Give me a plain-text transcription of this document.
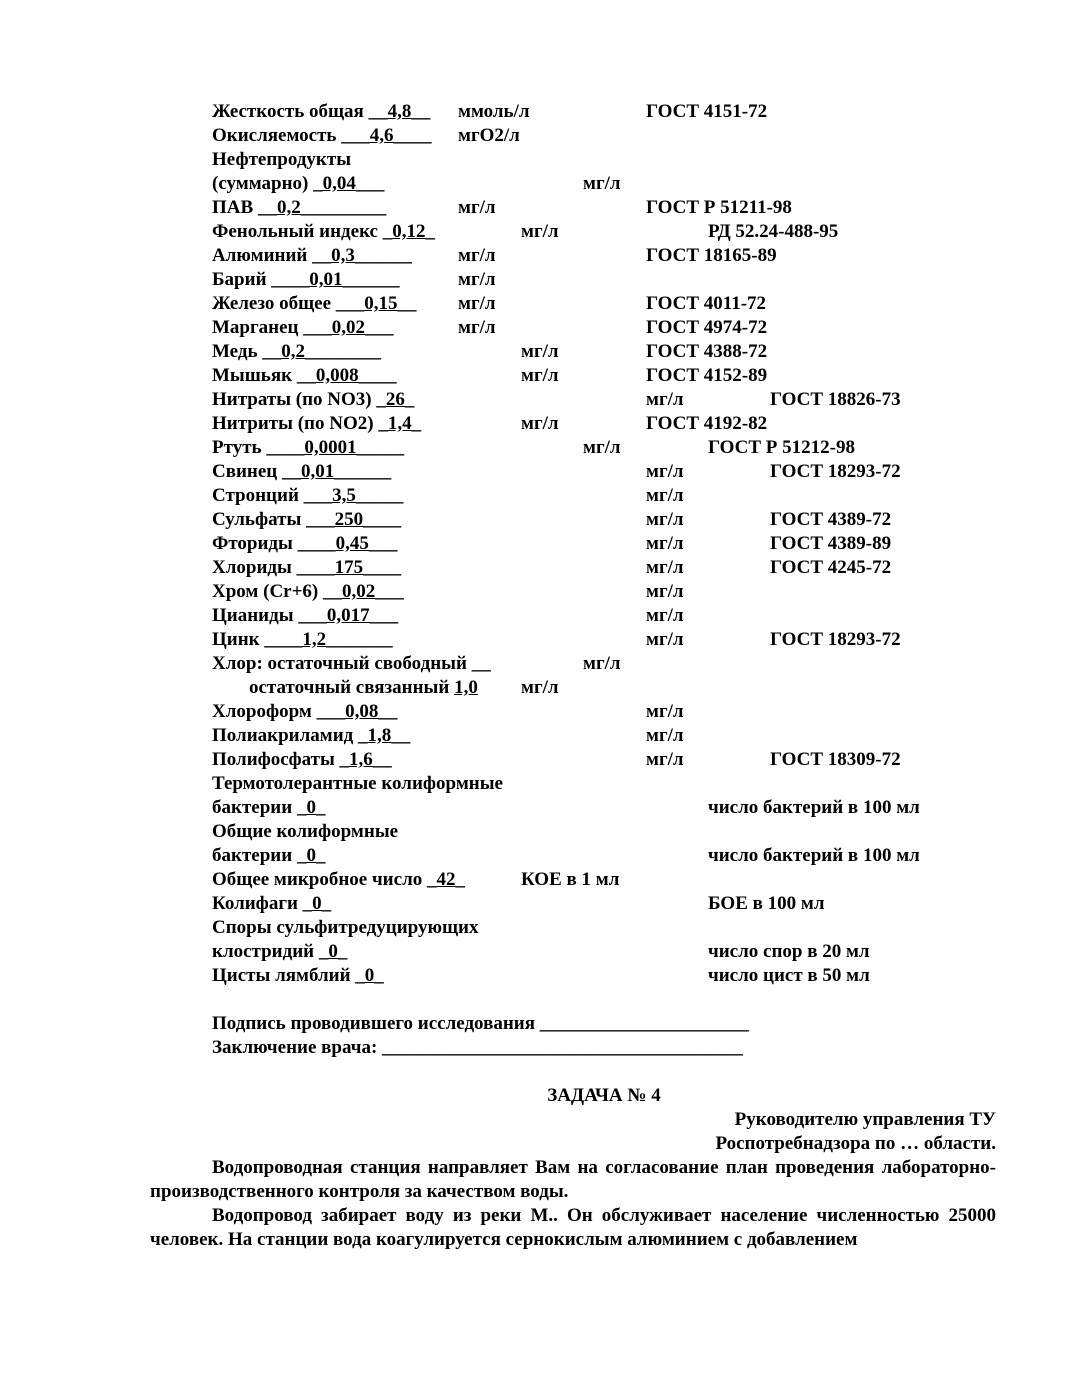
Жесткость общая __4,8__ ммоль/л	ГОСТ 4151-72
Окисляемость ___4,6____ мгО2/л
Нефтепродукты
(суммарно) _0,04___	мг/л
ПАВ __0,2_________	мг/л	ГОСТ Р 51211-98
Фенольный индекс _0,12_	мг/л	РД 52.24-488-95
Алюминий __0,3______ мг/л	ГОСТ 18165-89
Барий ____0,01______	мг/л
Железо общее ___0,15__ мг/л	ГОСТ 4011-72
Марганец ___0,02___	мг/л	ГОСТ 4974-72
Медь __0,2________	мг/л	ГОСТ 4388-72
Мышьяк __0,008____	мг/л	ГОСТ 4152-89
Нитраты (по NO3) _26_	мг/л	ГОСТ 18826-73
Нитриты (по NO2) _1,4_	мг/л	ГОСТ 4192-82
Ртуть ____0,0001_____	мг/л	ГОСТ Р 51212-98
Свинец __0,01______	мг/л	ГОСТ 18293-72
Стронций ___3,5_____	мг/л
Сульфаты ___250____	мг/л	ГОСТ 4389-72
Фториды ____0,45___	мг/л	ГОСТ 4389-89
Хлориды ____175____	мг/л	ГОСТ 4245-72
Хром (Cr+6) __0,02___	мг/л
Цианиды ___0,017___	мг/л
Цинк ____1,2_______	мг/л	ГОСТ 18293-72
Хлор: остаточный свободный __	мг/л
остаточный связанный 1,0 мг/л
Хлороформ ___0,08__	мг/л
Полиакриламид _1,8__	мг/л
Полифосфаты _1,6__	мг/л	ГОСТ 18309-72
Термотолерантные колиформные
бактерии _0_	число бактерий в 100 мл
Общие колиформные
бактерии _0_	число бактерий в 100 мл
Общее микробное число _42_	КОЕ в 1 мл
Колифаги _0_	БОЕ в 100 мл
Споры сульфитредуцирующих
клостридий _0_	число спор в 20 мл
Цисты лямблий _0_	число цист в 50 мл
Подпись проводившего исследования ______________________
Заключение врача: ______________________________________
ЗАДАЧА № 4
Руководителю управления ТУ
Роспотребнадзора по … области.
Водопроводная станция направляет Вам на согласование план проведения лабораторно-производственного контроля за качеством воды.
Водопровод забирает воду из реки М.. Он обслуживает население численностью 25000 человек. На станции вода коагулируется сернокислым алюминием с добавлением
